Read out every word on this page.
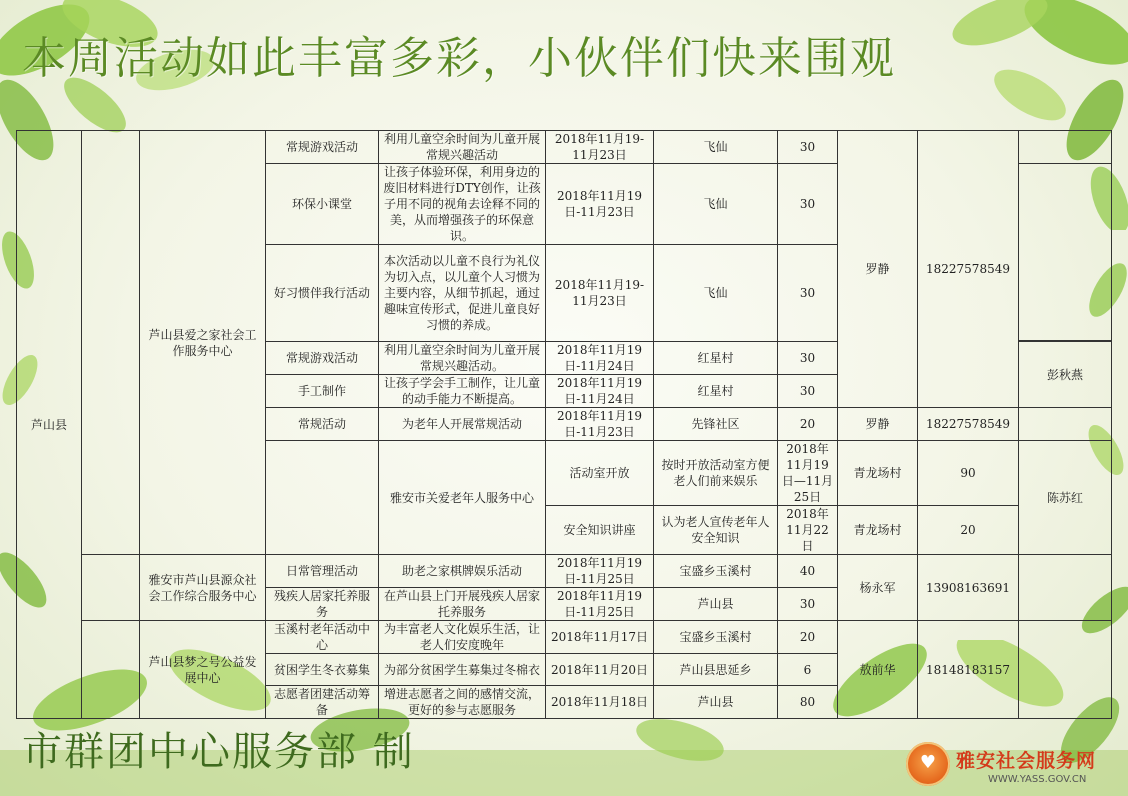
本周活动如此丰富多彩，小伙伴们快来围观
芦山县		芦山县爱之家社会工作服务中心	常规游戏活动	利用儿童空余时间为儿童开展常规兴趣活动	2018年11月19-11月23日	飞仙	30	罗静	18227578549		
			环保小课堂	让孩子体验环保，利用身边的废旧材料进行DTY创作，让孩子用不同的视角去诠释不同的美，从而增强孩子的环保意识。	2018年11月19日-11月23日	飞仙	30				
			好习惯伴我行活动	本次活动以儿童不良行为礼仪为切入点，以儿童个人习惯为主要内容，从细节抓起，通过趣味宣传形式，促进儿童良好习惯的养成。	2018年11月19-11月23日	飞仙	30				

			常规游戏活动	利用儿童空余时间为儿童开展常规兴趣活动。	2018年11月19日-11月24日	红星村	30			彭秋燕		
			手工制作	让孩子学会手工制作，让儿童的动手能力不断提高。	2018年11月19日-11月24日	红星村	30				
			常规活动	为老年人开展常规活动	2018年11月19日-11月23日	先锋社区	20	罗静	18227578549		
				雅安市关爱老年人服务中心	活动室开放	按时开放活动室方便老人们前来娱乐	2018年11月19日—11月25日	青龙场村	90	陈苏红		
					安全知识讲座	认为老人宣传老年人安全知识	2018年11月22日	青龙场村	20		
		雅安市芦山县源众社会工作综合服务中心	日常管理活动	助老之家棋牌娱乐活动	2018年11月19日-11月25日	宝盛乡玉溪村	40	杨永军	13908163691		
			残疾人居家托养服务	在芦山县上门开展残疾人居家托养服务	2018年11月19日-11月25日	芦山县	30				
		芦山县梦之号公益发展中心	玉溪村老年活动中心	为丰富老人文化娱乐生活，让老人们安度晚年	2018年11月17日	宝盛乡玉溪村	20	敖前华	18148183157		
			贫困学生冬衣募集	为部分贫困学生募集过冬棉衣	2018年11月20日	芦山县思延乡	6				
			志愿者团建活动筹备	增进志愿者之间的感情交流，更好的参与志愿服务	2018年11月18日	芦山县	80				
市群团中心服务部 制	♥ 雅安社会服务网
WWW.YASS.GOV.CN
